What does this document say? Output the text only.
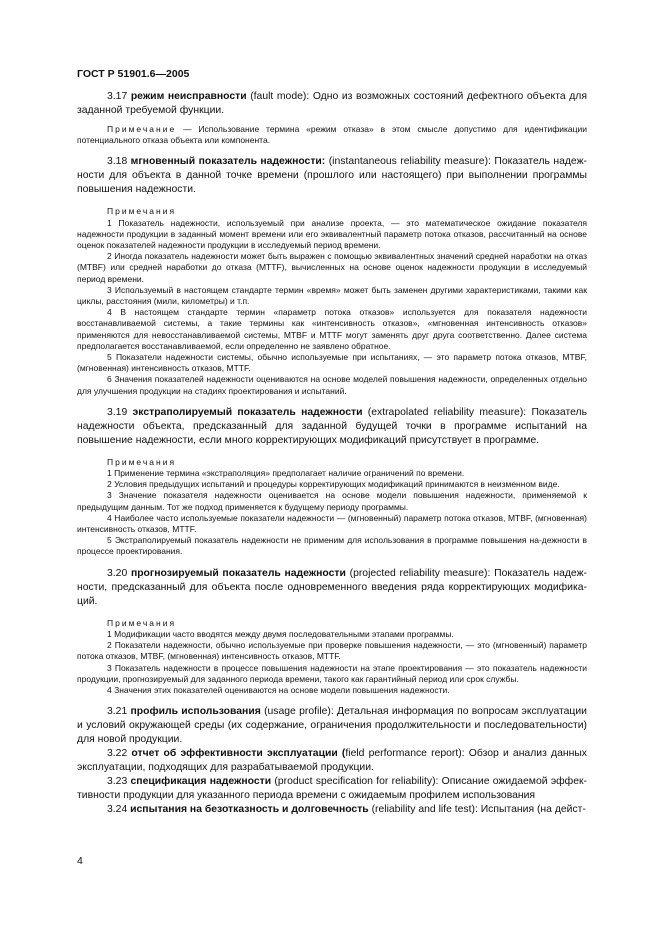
ГОСТ Р 51901.6—2005

3.17 режим неисправности (fault mode): Одно из возможных состояний дефектного объекта для заданной требуемой функции.

Примечание — Использование термина «режим отказа» в этом смысле допустимо для идентификации потенциального отказа объекта или компонента.

3.18 мгновенный показатель надежности: (instantaneous reliability measure): Показатель надеж-ности для объекта в данной точке времени (прошлого или настоящего) при выполнении программы повышения надежности.

Примечания

1 Показатель надежности, используемый при анализе проекта, — это математическое ожидание показателя надежности продукции в заданный момент времени или его эквивалентный параметр потока отказов, рассчитанный на основе оценок показателей надежности продукции в исследуемый период времени.

2 Иногда показатель надежности может быть выражен с помощью эквивалентных значений средней наработки на отказ (MTBF) или средней наработки до отказа (MTTF), вычисленных на основе оценок надежности продукции в исследуемый период времени.

3 Используемый в настоящем стандарте термин «время» может быть заменен другими характеристиками, такими как циклы, расстояния (мили, километры) и т.п.

4 В настоящем стандарте термин «параметр потока отказов» используется для показателя надежности восстанавливаемой системы, а такие термины как «интенсивность отказов», «мгновенная интенсивность отказов» применяются для невосстанавливаемой системы, MTBF и MTTF могут заменять друг друга соответственно. Далее система предполагается восстанавливаемой, если определенно не заявлено обратное.

5 Показатели надежности системы, обычно используемые при испытаниях, — это параметр потока отказов, MTBF, (мгновенная) интенсивность отказов, MTTF.

6 Значения показателей надежности оцениваются на основе моделей повышения надежности, определенных отдельно для улучшения продукции на стадиях проектирования и испытаний.

3.19 экстраполируемый показатель надежности (extrapolated reliability measure): Показатель надежности объекта, предсказанный для заданной будущей точки в программе испытаний на повышение надежности, если много корректирующих модификаций присутствует в программе.

Примечания

1 Применение термина «экстраполяция» предполагает наличие ограничений по времени.

2 Условия предыдущих испытаний и процедуры корректирующих модификаций принимаются в неизменном виде.

3 Значение показателя надежности оценивается на основе модели повышения надежности, применяемой к предыдущим данным. Тот же подход применяется к будущему периоду программы.

4 Наиболее часто используемые показатели надежности — (мгновенный) параметр потока отказов, MTBF, (мгновенная) интенсивность отказов, MTTF.

5 Экстраполируемый показатель надежности не применим для использования в программе повышения на-дежности в процессе проектирования.

3.20 прогнозируемый показатель надежности (projected reliability measure): Показатель надеж-ности, предсказанный для объекта после одновременного введения ряда корректирующих модифика-ций.

Примечания

1 Модификации часто вводятся между двумя последовательными этапами программы.

2 Показатели надежности, обычно используемые при проверке повышения надежности, — это (мгновенный) параметр потока отказов, MTBF, (мгновенная) интенсивность отказов, MTTF.

3 Показатель надежности в процессе повышения надежности на этапе проектирования — это показатель надежности продукции, прогнозируемый для заданного периода времени, такого как гарантийный период или срок службы.

4 Значения этих показателей оцениваются на основе модели повышения надежности.

3.21 профиль использования (usage profile): Детальная информация по вопросам эксплуатации и условий окружающей среды (их содержание, ограничения продолжительности и последовательности) для новой продукции.

3.22 отчет об эффективности эксплуатации (field performance report): Обзор и анализ данных эксплуатации, подходящих для разрабатываемой продукции.

3.23 спецификация надежности (product specification for reliability): Описание ожидаемой эффек-тивности продукции для указанного периода времени с ожидаемым профилем использования

3.24 испытания на безотказность и долговечность (reliability and life test): Испытания (на дейст-

4
